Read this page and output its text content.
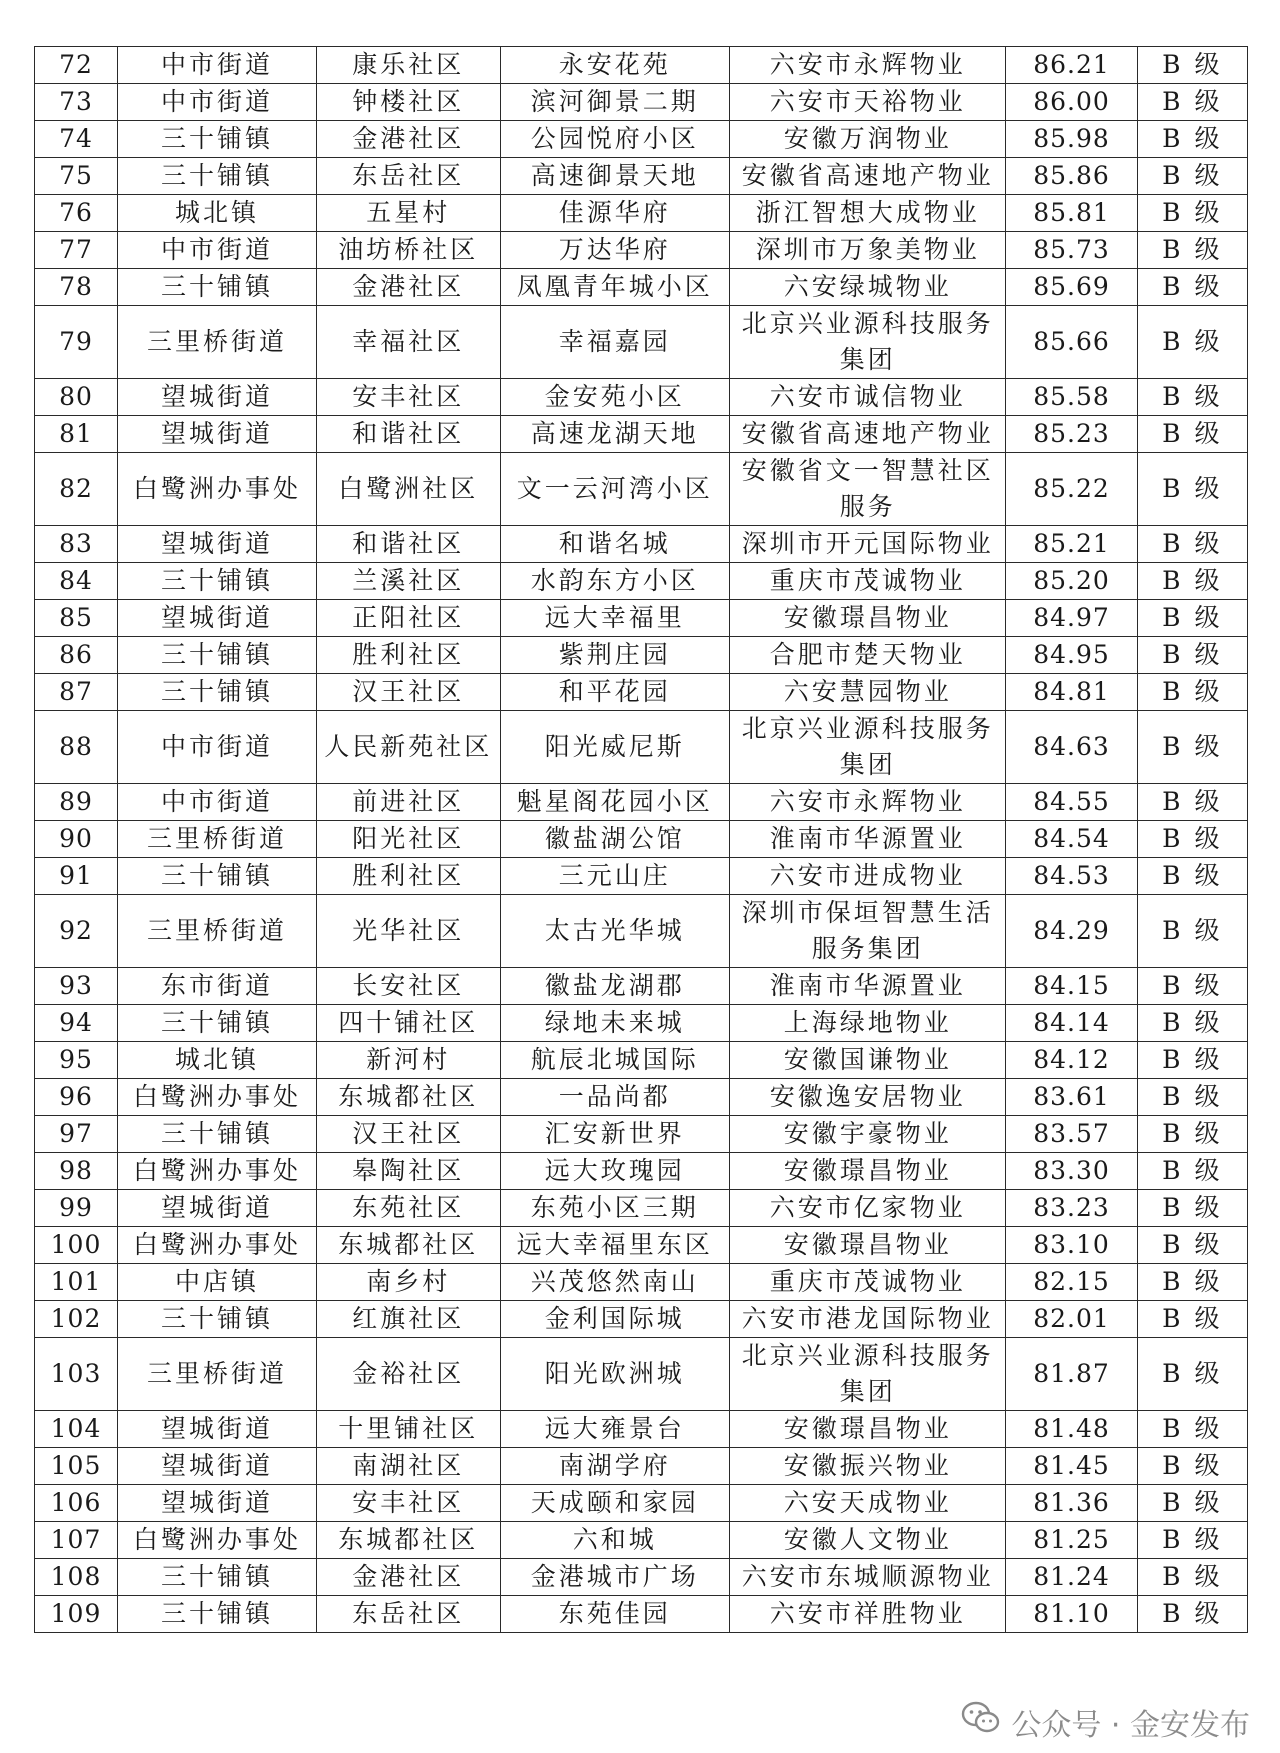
72	中市街道	康乐社区	永安花苑	六安市永辉物业	86.21	B 级
73	中市街道	钟楼社区	滨河御景二期	六安市天裕物业	86.00	B 级
74	三十铺镇	金港社区	公园悦府小区	安徽万润物业	85.98	B 级
75	三十铺镇	东岳社区	高速御景天地	安徽省高速地产物业	85.86	B 级
76	城北镇	五星村	佳源华府	浙江智想大成物业	85.81	B 级
77	中市街道	油坊桥社区	万达华府	深圳市万象美物业	85.73	B 级
78	三十铺镇	金港社区	凤凰青年城小区	六安绿城物业	85.69	B 级
79	三里桥街道	幸福社区	幸福嘉园	北京兴业源科技服务集团	85.66	B 级
80	望城街道	安丰社区	金安苑小区	六安市诚信物业	85.58	B 级
81	望城街道	和谐社区	高速龙湖天地	安徽省高速地产物业	85.23	B 级
82	白鹭洲办事处	白鹭洲社区	文一云河湾小区	安徽省文一智慧社区服务	85.22	B 级
83	望城街道	和谐社区	和谐名城	深圳市开元国际物业	85.21	B 级
84	三十铺镇	兰溪社区	水韵东方小区	重庆市茂诚物业	85.20	B 级
85	望城街道	正阳社区	远大幸福里	安徽璟昌物业	84.97	B 级
86	三十铺镇	胜利社区	紫荆庄园	合肥市楚天物业	84.95	B 级
87	三十铺镇	汉王社区	和平花园	六安慧园物业	84.81	B 级
88	中市街道	人民新苑社区	阳光威尼斯	北京兴业源科技服务集团	84.63	B 级
89	中市街道	前进社区	魁星阁花园小区	六安市永辉物业	84.55	B 级
90	三里桥街道	阳光社区	徽盐湖公馆	淮南市华源置业	84.54	B 级
91	三十铺镇	胜利社区	三元山庄	六安市进成物业	84.53	B 级
92	三里桥街道	光华社区	太古光华城	深圳市保垣智慧生活服务集团	84.29	B 级
93	东市街道	长安社区	徽盐龙湖郡	淮南市华源置业	84.15	B 级
94	三十铺镇	四十铺社区	绿地未来城	上海绿地物业	84.14	B 级
95	城北镇	新河村	航辰北城国际	安徽国谦物业	84.12	B 级
96	白鹭洲办事处	东城都社区	一品尚都	安徽逸安居物业	83.61	B 级
97	三十铺镇	汉王社区	汇安新世界	安徽宇豪物业	83.57	B 级
98	白鹭洲办事处	皋陶社区	远大玫瑰园	安徽璟昌物业	83.30	B 级
99	望城街道	东苑社区	东苑小区三期	六安市亿家物业	83.23	B 级
100	白鹭洲办事处	东城都社区	远大幸福里东区	安徽璟昌物业	83.10	B 级
101	中店镇	南乡村	兴茂悠然南山	重庆市茂诚物业	82.15	B 级
102	三十铺镇	红旗社区	金利国际城	六安市港龙国际物业	82.01	B 级
103	三里桥街道	金裕社区	阳光欧洲城	北京兴业源科技服务集团	81.87	B 级
104	望城街道	十里铺社区	远大雍景台	安徽璟昌物业	81.48	B 级
105	望城街道	南湖社区	南湖学府	安徽振兴物业	81.45	B 级
106	望城街道	安丰社区	天成颐和家园	六安天成物业	81.36	B 级
107	白鹭洲办事处	东城都社区	六和城	安徽人文物业	81.25	B 级
108	三十铺镇	金港社区	金港城市广场	六安市东城顺源物业	81.24	B 级
109	三十铺镇	东岳社区	东苑佳园	六安市祥胜物业	81.10	B 级
公众号 · 金安发布
